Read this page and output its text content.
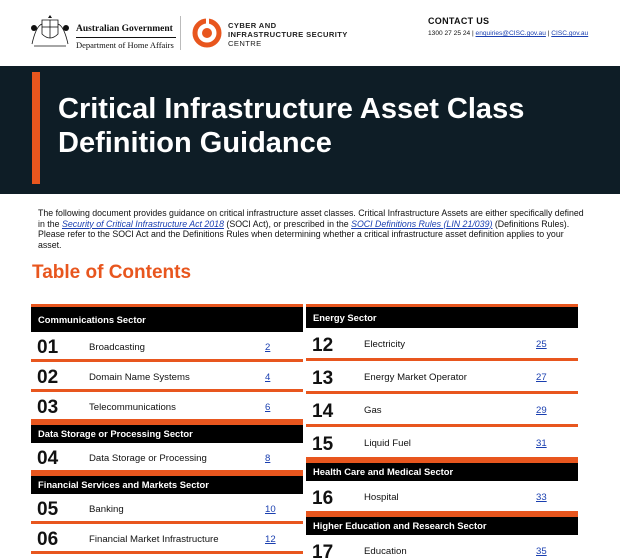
Australian Government
Department of Home Affairs
CYBER AND
INFRASTRUCTURE SECURITY
CENTRE
CONTACT US
1300 27 25 24 | enquiries@CISC.gov.au | CISC.gov.au
Critical Infrastructure Asset Class Definition Guidance

The following document provides guidance on critical infrastructure asset classes. Critical Infrastructure Assets are either specifically defined in the Security of Critical Infrastructure Act 2018 (SOCI Act), or prescribed in the SOCI Definitions Rules (LIN 21/039) (Definitions Rules). Please refer to the SOCI Act and the Definitions Rules when determining whether a critical infrastructure asset definition applies to your asset.

Table of Contents
Communications Sector
01	Broadcasting	2
02	Domain Name Systems	4
03	Telecommunications	6
Data Storage or Processing Sector
04	Data Storage or Processing	8
Financial Services and Markets Sector
05	Banking	10
06	Financial Market Infrastructure	12
Energy Sector
12	Electricity	25
13	Energy Market Operator	27
14	Gas	29
15	Liquid Fuel	31
Health Care and Medical Sector
16	Hospital	33
Higher Education and Research Sector
17	Education	35
